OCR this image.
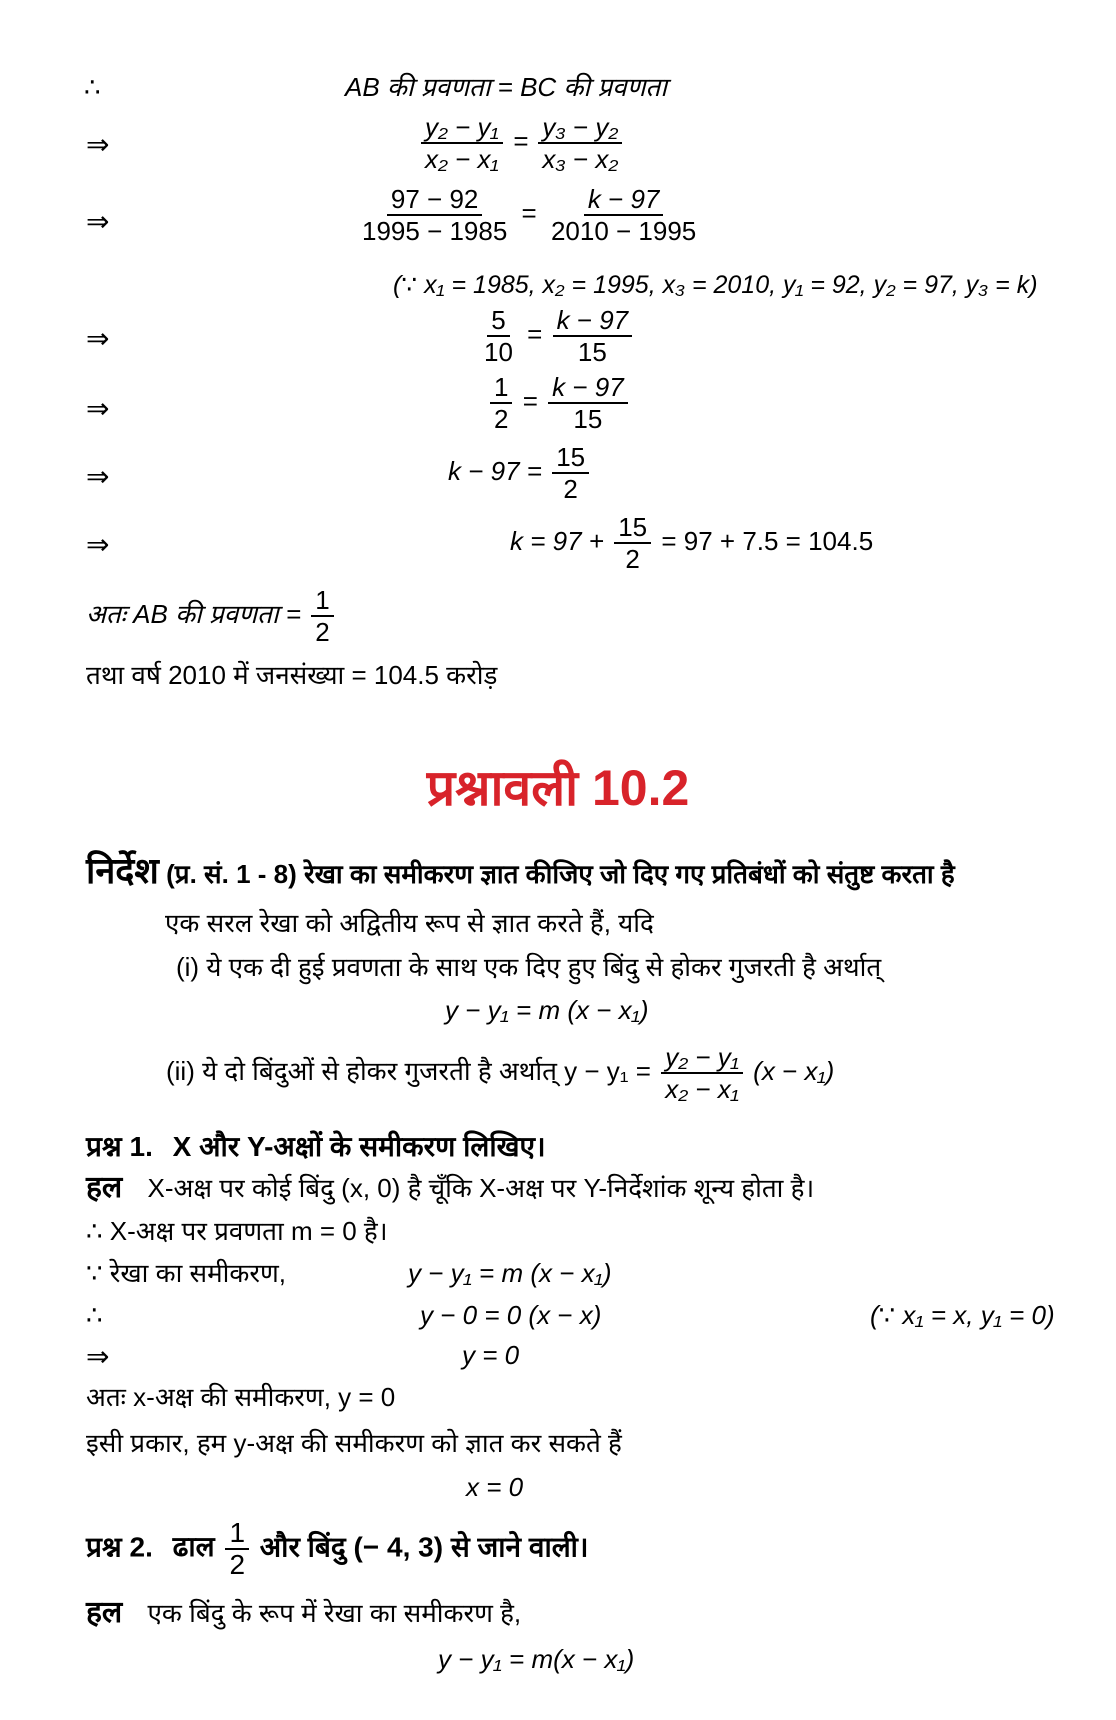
∴	AB की प्रवणता = BC की प्रवणता
⇒	$\frac{\text{y₂ − y₁}}{\text{x₂ − x₁}} = \frac{\text{y₃ − y₂}}{\text{x₃ − x₂}}$
⇒	$\frac{97 - 92}{1995 - 1985} = \frac{k - 97}{2010 - 1995}$
(∵ x₁ = 1985, x₂ = 1995, x₃ = 2010, y₁ = 92, y₂ = 97, y₃ = k)
⇒	$\frac{5}{10} = \frac{k - 97}{15}$
⇒	$\frac{1}{2} = \frac{k - 97}{15}$
⇒	$k - 97 = \frac{15}{2}$
⇒	$k = 97 + \frac{15}{2} = 97 + 7.5 = 104.5$
अतः AB की प्रवणता = $\frac{1}{2}$
तथा वर्ष 2010 में जनसंख्या = 104.5 करोड़
प्रश्नावली 10.2
निर्देश (प्र. सं. 1 - 8) रेखा का समीकरण ज्ञात कीजिए जो दिए गए प्रतिबंधों को संतुष्ट करता है
एक सरल रेखा को अद्वितीय रूप से ज्ञात करते हैं, यदि
(i) ये एक दी हुई प्रवणता के साथ एक दिए हुए बिंदु से होकर गुजरती है अर्थात्
y − y₁ = m (x − x₁)
(ii) ये दो बिंदुओं से होकर गुजरती है अर्थात् $y - y_1 = \frac{\text{y₂ − y₁}}{\text{x₂ − x₁}} (x - x_1)$
प्रश्न 1. X और Y-अक्षों के समीकरण लिखिए।
हल X-अक्ष पर कोई बिंदु (x, 0) है चूँकि X-अक्ष पर Y-निर्देशांक शून्य होता है।
∴ X-अक्ष पर प्रवणता m = 0 है।
∵ रेखा का समीकरण,	y − y₁ = m (x − x₁)
∴	y − 0 = 0 (x − x)	(∵ x₁ = x, y₁ = 0)
⇒	y = 0
अतः x-अक्ष की समीकरण, y = 0
इसी प्रकार, हम y-अक्ष की समीकरण को ज्ञात कर सकते हैं
x = 0
प्रश्न 2. ढाल $\frac{1}{2}$ और बिंदु (− 4, 3) से जाने वाली।
हल एक बिंदु के रूप में रेखा का समीकरण है,
y − y₁ = m(x − x₁)
